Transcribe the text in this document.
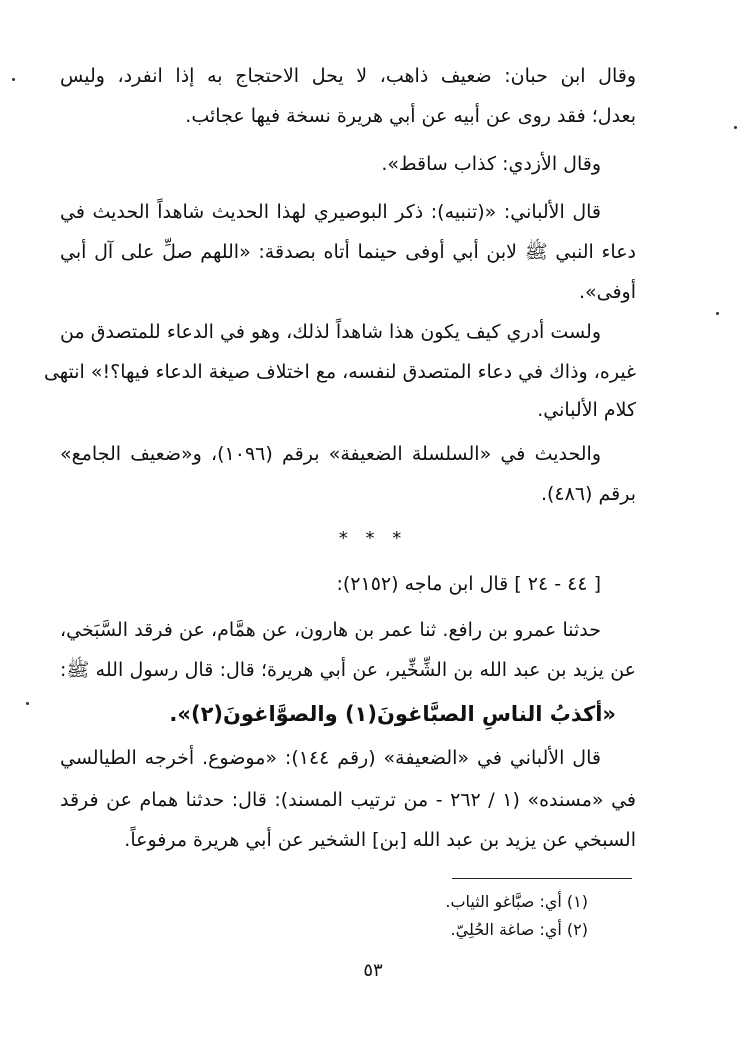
وقال ابن حبان: ضعيف ذاهب، لا يحل الاحتجاج به إذا انفرد، وليس
بعدل؛ فقد روى عن أبيه عن أبي هريرة نسخة فيها عجائب.
وقال الأزدي: كذاب ساقط».
قال الألباني: «(تنبيه): ذكر البوصيري لهذا الحديث شاهداً الحديث في
دعاء النبي ﷺ لابن أبي أوفى حينما أتاه بصدقة: «اللهم صلِّ على آل أبي
أوفى».
ولست أدري كيف يكون هذا شاهداً لذلك، وهو في الدعاء للمتصدق من
غيره، وذاك في دعاء المتصدق لنفسه، مع اختلاف صيغة الدعاء فيها؟!» انتهى
كلام الألباني.
والحديث في «السلسلة الضعيفة» برقم (١٠٩٦)، و«ضعيف الجامع»
برقم (٤٨٦).
* * *
[ ٤٤ - ٢٤ ] قال ابن ماجه (٢١٥٢):
حدثنا عمرو بن رافع. ثنا عمر بن هارون، عن همَّام، عن فرقد السَّبَخي،
عن يزيد بن عبد الله بن الشِّخِّير، عن أبي هريرة؛ قال: قال رسول الله ﷺ:
«أكذبُ الناسِ الصبَّاغونَ(١) والصوَّاغونَ(٢)».
قال الألباني في «الضعيفة» (رقم ١٤٤): «موضوع. أخرجه الطيالسي
في «مسنده» (١ / ٢٦٢ - من ترتيب المسند): قال: حدثنا همام عن فرقد
السبخي عن يزيد بن عبد الله [بن] الشخير عن أبي هريرة مرفوعاً.
(١) أي: صبَّاغو الثياب.
(٢) أي: صاغة الحُلِيّ.
٥٣
